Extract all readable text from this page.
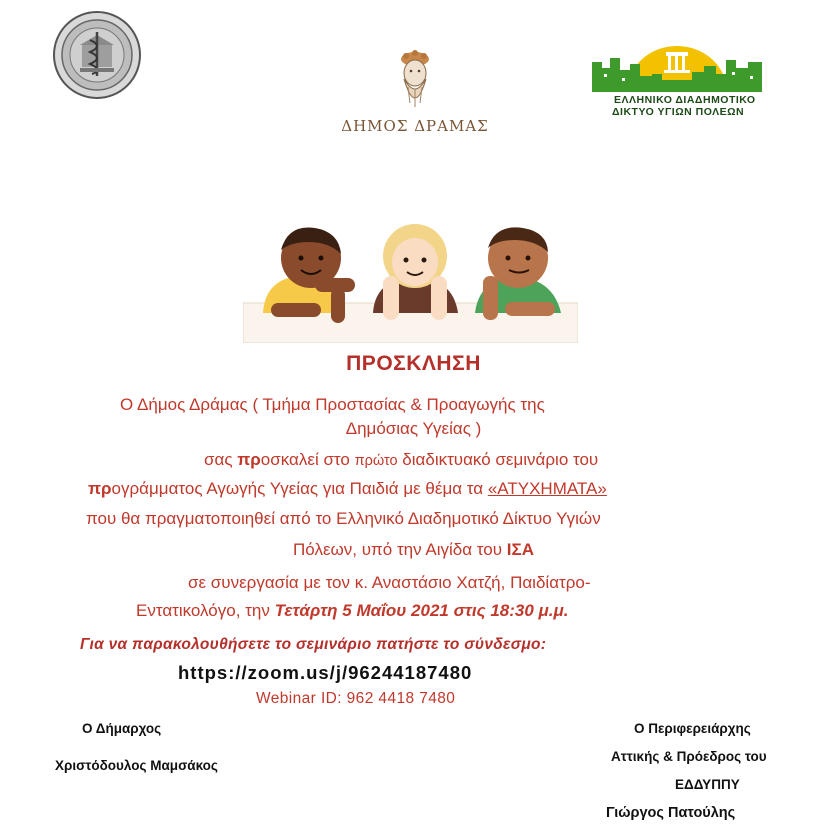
ΔΗΜΟΣ ΔΡΑΜΑΣ
ΕΛΛΗΝΙΚΟ ΔΙΑΔΗΜΟΤΙΚΟ
ΔΙΚΤΥΟ ΥΓΙΩΝ ΠΟΛΕΩΝ
ΠΡΟΣΚΛΗΣΗ
Ο Δήμος Δράμας ( Τμήμα Προστασίας & Προαγωγής της
Δημόσιας Υγείας )
σας προσκαλεί στο πρώτο διαδικτυακό σεμινάριο του
προγράμματος Αγωγής Υγείας για Παιδιά με θέμα τα «ΑΤΥΧΗΜΑΤΑ»
που θα πραγματοποιηθεί από το Ελληνικό Διαδημοτικό Δίκτυο Υγιών
Πόλεων, υπό την Αιγίδα του ΙΣΑ
σε συνεργασία με τον κ. Αναστάσιο Χατζή, Παιδίατρο-
Εντατικολόγο, την Τετάρτη 5 Μαΐου 2021 στις 18:30 μ.μ.
Για να παρακολουθήσετε το σεμινάριο πατήστε το σύνδεσμο:
https://zoom.us/j/96244187480
Webinar ID: 962 4418 7480
Ο Δήμαρχος
Χριστόδουλος Μαμσάκος
Ο Περιφερειάρχης
Αττικής & Πρόεδρος του
ΕΔΔΥΠΠΥ
Γιώργος Πατούλης
